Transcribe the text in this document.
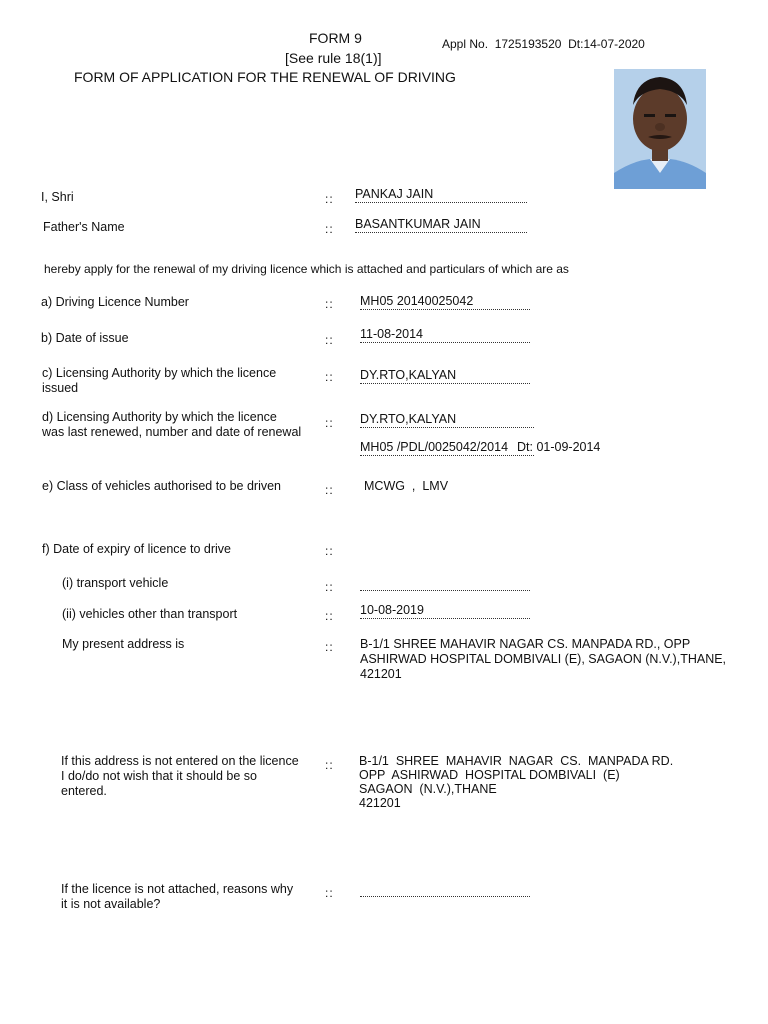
FORM 9
[See rule 18(1)]
FORM OF APPLICATION FOR THE RENEWAL OF DRIVING
Appl No. 1725193520 Dt:14-07-2020
I, Shri	:: PANKAJ JAIN
Father's Name	:: BASANTKUMAR JAIN
hereby apply for the renewal of my driving licence which is attached and particulars of which are as
a) Driving Licence Number	:: MH05 20140025042
b) Date of issue	:: 11-08-2014
c) Licensing Authority by which the licence issued
:: DY.RTO,KALYAN
d) Licensing Authority by which the licence was last renewed, number and date of renewal
:: DY.RTO,KALYAN
MH05 /PDL/0025042/2014 Dt: 01-09-2014
e) Class of vehicles authorised to be driven	:: MCWG  ,  LMV
f) Date of expiry of licence to drive	::
(i) transport vehicle	::
(ii) vehicles other than transport	:: 10-08-2019
My present address is	:: B-1/1 SHREE MAHAVIR NAGAR CS. MANPADA RD., OPP ASHIRWAD HOSPITAL DOMBIVALI (E), SAGAON (N.V.),THANE, 421201
If this address is not entered on the licence I do/do not wish that it should be so entered.
:: B-1/1  SHREE  MAHAVIR  NAGAR  CS.  MANPADA RD.
OPP  ASHIRWAD  HOSPITAL DOMBIVALI  (E)
SAGAON  (N.V.),THANE
421201
If the licence is not attached, reasons why it is not available?
::
